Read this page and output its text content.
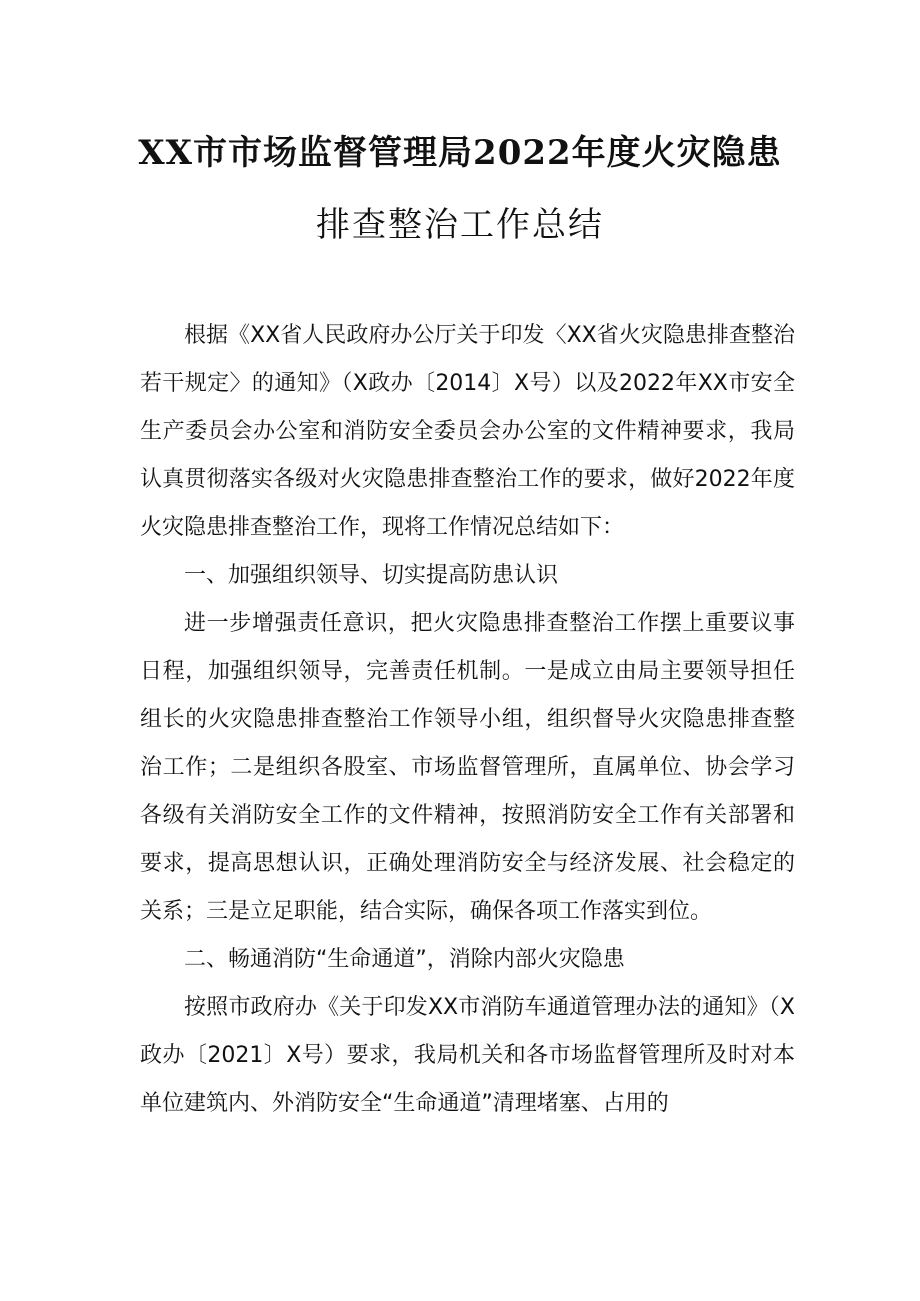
XX市市场监督管理局2022年度火灾隐患
排查整治工作总结

根据《XX省人民政府办公厅关于印发〈XX省火灾隐患排查整治若干规定〉的通知》（X政办〔2014〕X号）以及2022年XX市安全生产委员会办公室和消防安全委员会办公室的文件精神要求，我局认真贯彻落实各级对火灾隐患排查整治工作的要求，做好2022年度火灾隐患排查整治工作，现将工作情况总结如下：

一、加强组织领导、切实提高防患认识

进一步增强责任意识，把火灾隐患排查整治工作摆上重要议事日程，加强组织领导，完善责任机制。一是成立由局主要领导担任组长的火灾隐患排查整治工作领导小组，组织督导火灾隐患排查整治工作；二是组织各股室、市场监督管理所，直属单位、协会学习各级有关消防安全工作的文件精神，按照消防安全工作有关部署和要求，提高思想认识，正确处理消防安全与经济发展、社会稳定的关系；三是立足职能，结合实际，确保各项工作落实到位。

二、畅通消防“生命通道”，消除内部火灾隐患

按照市政府办《关于印发XX市消防车通道管理办法的通知》（X政办〔2021〕X号）要求，我局机关和各市场监督管理所及时对本单位建筑内、外消防安全“生命通道”清理堵塞、占用的
